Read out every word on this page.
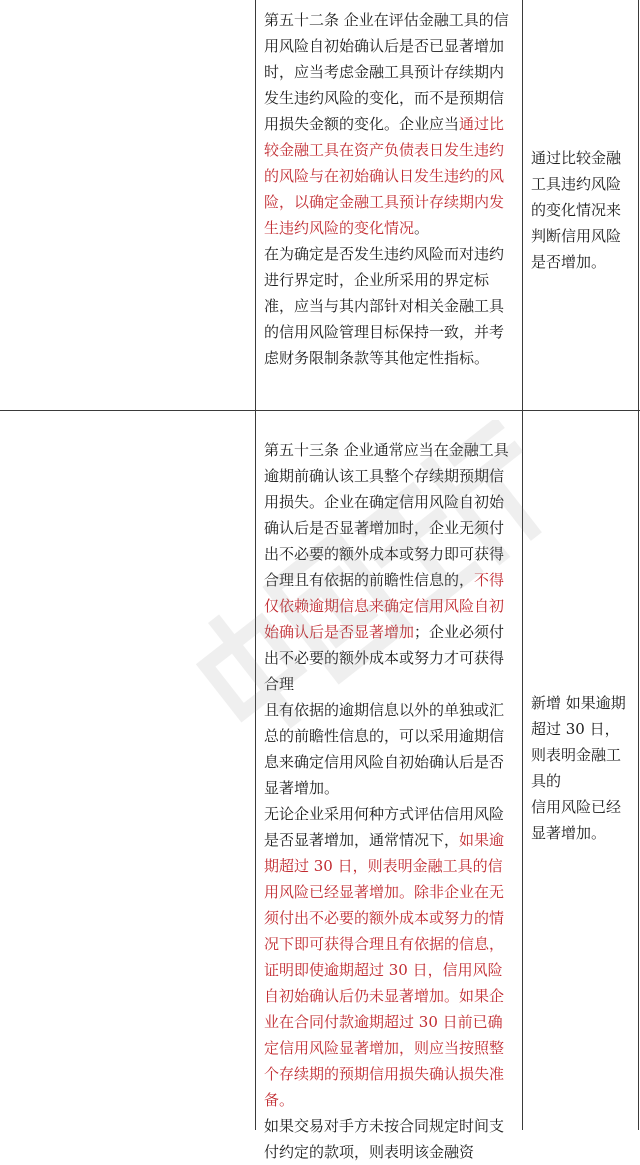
第五十二条 企业在评估金融工具的信用风险自初始确认后是否已显著增加时，应当考虑金融工具预计存续期内发生违约风险的变化，而不是预期信用损失金额的变化。企业应当通过比较金融工具在资产负债表日发生违约的风险与在初始确认日发生违约的风险，以确定金融工具预计存续期内发生违约风险的变化情况。

在为确定是否发生违约风险而对违约进行界定时，企业所采用的界定标准，应当与其内部针对相关金融工具的信用风险管理目标保持一致，并考虑财务限制条款等其他定性指标。

通过比较金融工具违约风险的变化情况来判断信用风险是否增加。

第五十三条 企业通常应当在金融工具逾期前确认该工具整个存续期预期信用损失。企业在确定信用风险自初始确认后是否显著增加时，企业无须付出不必要的额外成本或努力即可获得合理且有依据的前瞻性信息的，不得仅依赖逾期信息来确定信用风险自初始确认后是否显著增加；企业必须付出不必要的额外成本或努力才可获得合理

且有依据的逾期信息以外的单独或汇总的前瞻性信息的，可以采用逾期信息来确定信用风险自初始确认后是否显著增加。

无论企业采用何种方式评估信用风险是否显著增加，通常情况下，如果逾期超过 30 日，则表明金融工具的信用风险已经显著增加。除非企业在无须付出不必要的额外成本或努力的情况下即可获得合理且有依据的信息，证明即使逾期超过 30 日，信用风险自初始确认后仍未显著增加。如果企业在合同付款逾期超过 30 日前已确定信用风险显著增加，则应当按照整个存续期的预期信用损失确认损失准备。

如果交易对手方未按合同规定时间支付约定的款项，则表明该金融资

新增 如果逾期超过 30 日，则表明金融工具的

信用风险已经显著增加。
